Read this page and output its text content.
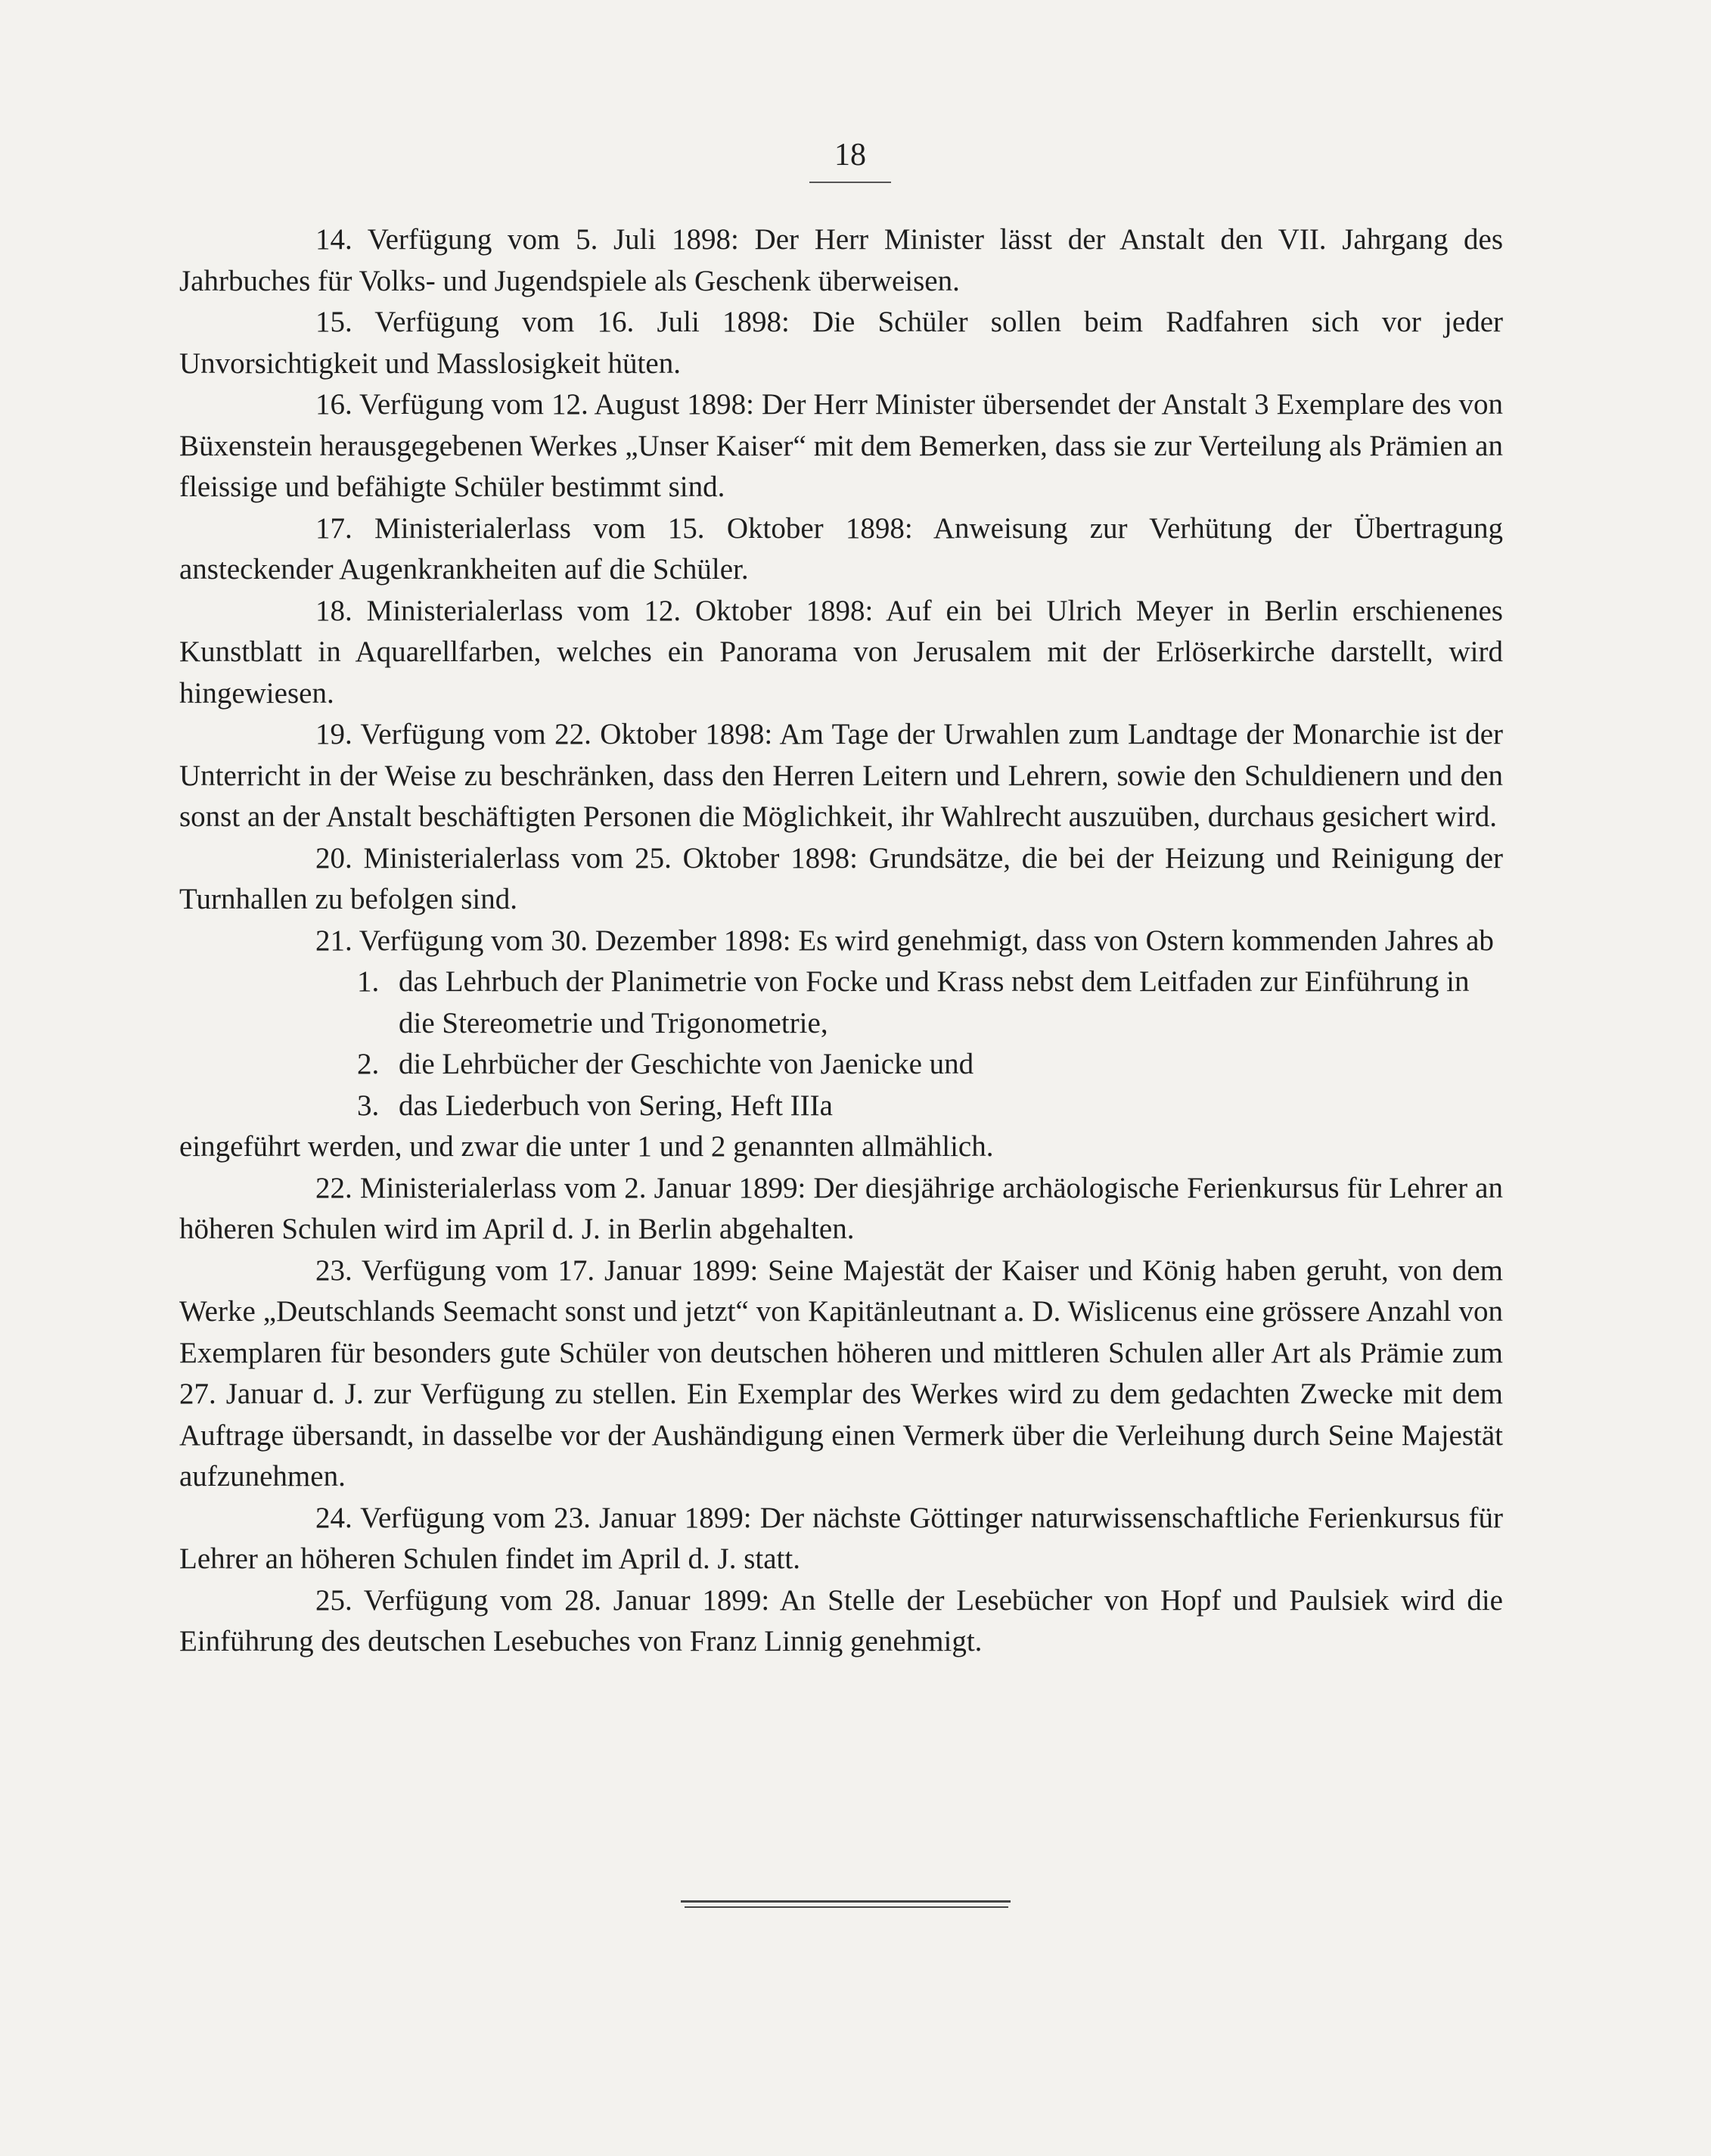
18

14. Verfügung vom 5. Juli 1898: Der Herr Minister lässt der Anstalt den VII. Jahrgang des Jahrbuches für Volks- und Jugendspiele als Geschenk überweisen.

15. Verfügung vom 16. Juli 1898: Die Schüler sollen beim Radfahren sich vor jeder Unvorsichtigkeit und Masslosigkeit hüten.

16. Verfügung vom 12. August 1898: Der Herr Minister übersendet der Anstalt 3 Exemplare des von Büxenstein herausgegebenen Werkes „Unser Kaiser“ mit dem Bemerken, dass sie zur Verteilung als Prämien an fleissige und befähigte Schüler bestimmt sind.

17. Ministerialerlass vom 15. Oktober 1898: Anweisung zur Verhütung der Übertragung ansteckender Augenkrankheiten auf die Schüler.

18. Ministerialerlass vom 12. Oktober 1898: Auf ein bei Ulrich Meyer in Berlin erschienenes Kunstblatt in Aquarellfarben, welches ein Panorama von Jerusalem mit der Erlöserkirche darstellt, wird hingewiesen.

19. Verfügung vom 22. Oktober 1898: Am Tage der Urwahlen zum Landtage der Monarchie ist der Unterricht in der Weise zu beschränken, dass den Herren Leitern und Lehrern, sowie den Schuldienern und den sonst an der Anstalt beschäftigten Personen die Möglichkeit, ihr Wahlrecht auszuüben, durchaus gesichert wird.

20. Ministerialerlass vom 25. Oktober 1898: Grundsätze, die bei der Heizung und Reinigung der Turnhallen zu befolgen sind.

21. Verfügung vom 30. Dezember 1898: Es wird genehmigt, dass von Ostern kommenden Jahres ab

1. das Lehrbuch der Planimetrie von Focke und Krass nebst dem Leitfaden zur Einführung in die Stereometrie und Trigonometrie,
2. die Lehrbücher der Geschichte von Jaenicke und
3. das Liederbuch von Sering, Heft IIIa

eingeführt werden, und zwar die unter 1 und 2 genannten allmählich.

22. Ministerialerlass vom 2. Januar 1899: Der diesjährige archäologische Ferienkursus für Lehrer an höheren Schulen wird im April d. J. in Berlin abgehalten.

23. Verfügung vom 17. Januar 1899: Seine Majestät der Kaiser und König haben geruht, von dem Werke „Deutschlands Seemacht sonst und jetzt“ von Kapitänleutnant a. D. Wislicenus eine grössere Anzahl von Exemplaren für besonders gute Schüler von deutschen höheren und mittleren Schulen aller Art als Prämie zum 27. Januar d. J. zur Verfügung zu stellen. Ein Exemplar des Werkes wird zu dem gedachten Zwecke mit dem Auftrage übersandt, in dasselbe vor der Aushändigung einen Vermerk über die Verleihung durch Seine Majestät aufzunehmen.

24. Verfügung vom 23. Januar 1899: Der nächste Göttinger naturwissenschaftliche Ferienkursus für Lehrer an höheren Schulen findet im April d. J. statt.

25. Verfügung vom 28. Januar 1899: An Stelle der Lesebücher von Hopf und Paulsiek wird die Einführung des deutschen Lesebuches von Franz Linnig genehmigt.
